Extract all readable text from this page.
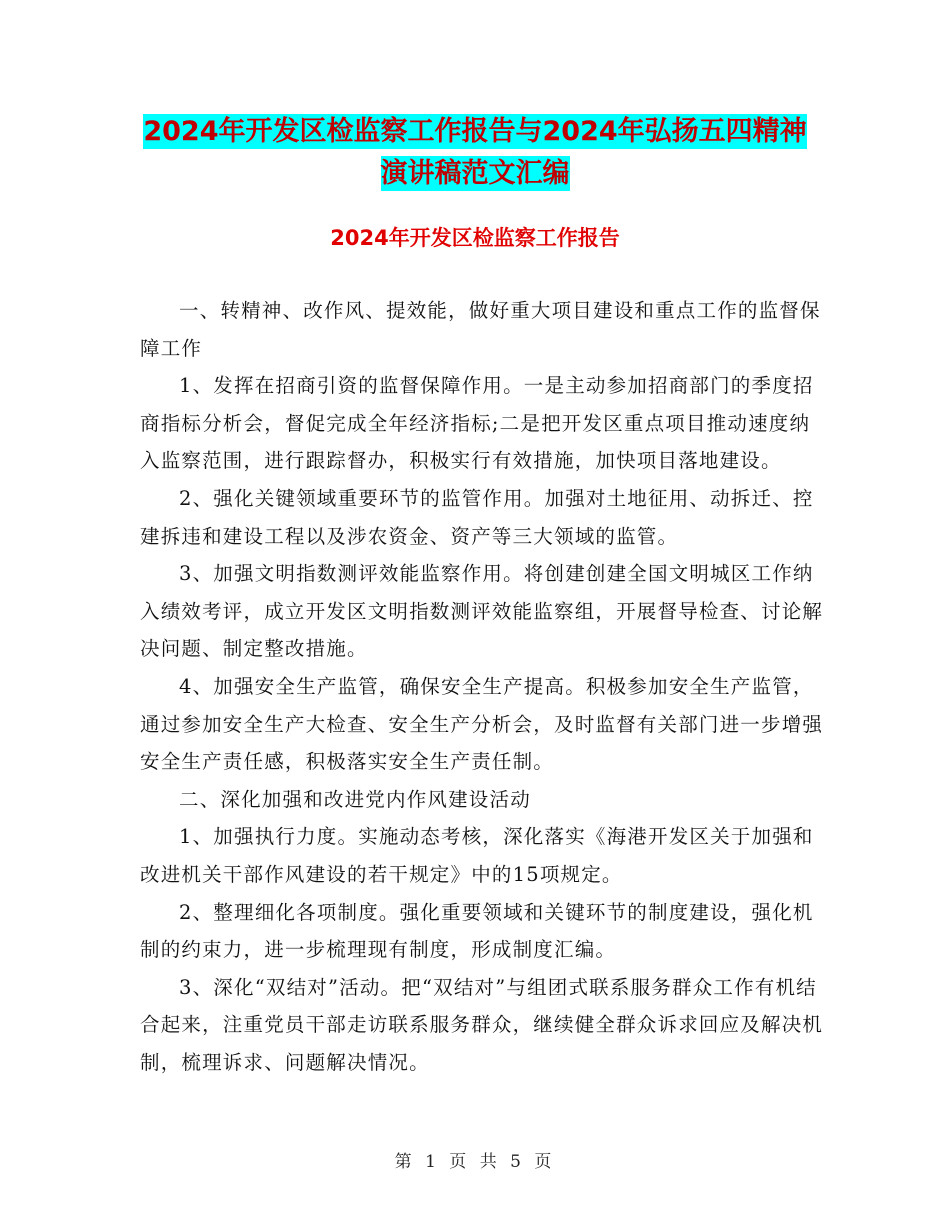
2024年开发区检监察工作报告与2024年弘扬五四精神
演讲稿范文汇编
2024年开发区检监察工作报告

一、转精神、改作风、提效能，做好重大项目建设和重点工作的监督保障工作

1、发挥在招商引资的监督保障作用。一是主动参加招商部门的季度招商指标分析会，督促完成全年经济指标;二是把开发区重点项目推动速度纳入监察范围，进行跟踪督办，积极实行有效措施，加快项目落地建设。

2、强化关键领域重要环节的监管作用。加强对土地征用、动拆迁、控建拆违和建设工程以及涉农资金、资产等三大领域的监管。

3、加强文明指数测评效能监察作用。将创建创建全国文明城区工作纳入绩效考评，成立开发区文明指数测评效能监察组，开展督导检查、讨论解决问题、制定整改措施。

4、加强安全生产监管，确保安全生产提高。积极参加安全生产监管，通过参加安全生产大检查、安全生产分析会，及时监督有关部门进一步增强安全生产责任感，积极落实安全生产责任制。

二、深化加强和改进党内作风建设活动

1、加强执行力度。实施动态考核，深化落实《海港开发区关于加强和改进机关干部作风建设的若干规定》中的15项规定。

2、整理细化各项制度。强化重要领域和关键环节的制度建设，强化机制的约束力，进一步梳理现有制度，形成制度汇编。

3、深化“双结对”活动。把“双结对”与组团式联系服务群众工作有机结合起来，注重党员干部走访联系服务群众，继续健全群众诉求回应及解决机制，梳理诉求、问题解决情况。

第 1 页 共 5 页
